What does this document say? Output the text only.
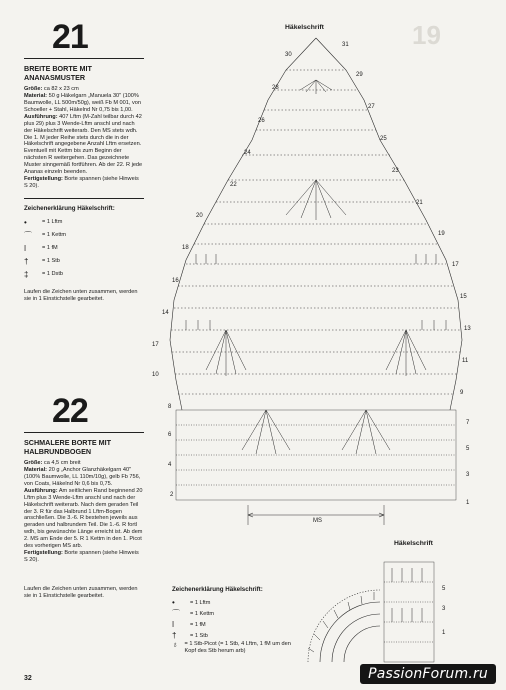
21
BREITE BORTE MIT
ANANASMUSTER
Größe: ca 82 x 23 cm
Material: 50 g Häkelgarn „Manuela 30" (100% Baumwolle, LL 500m/50g), weiß Fb M 001, von Schoeller + Stahl, Häkelnd Nr 0,75 bis 1,00.
Ausführung: 407 Lftm (M-Zahl teilbar durch 42 plus 29) plus 3 Wende-Lftm anschl und nach der Häkelschrift weiterarb. Den MS stets wdh. Die 1. M jeder Reihe stets durch die in der Häkelschrift angegebene Anzahl Lftm ersetzen. Eventuell mit Kettm bis zum Beginn der nächsten R weitergehen. Das gezeichnete Muster sinngemäß fortführen. Ab der 22. R jede Ananas einzeln beenden.
Fertigstellung: Borte spannen (siehe Hinweis S 20).
Zeichenerklärung Häkelschrift:
•	= 1 Lftm
⌒	= 1 Kettm
ǀ	= 1 fM
†	= 1 Stb
‡	= 1 Dstb
Laufen die Zeichen unten zusammen, werden sie in 1 Einstichstelle gearbeitet.
22
SCHMALERE BORTE MIT
HALBRUNDBOGEN
Größe: ca 4,5 cm breit
Material: 20 g „Anchor Glanzhäkelgarn 40" (100% Baumwolle, LL 110m/10g), gelb Fb 756, von Coats, Häkelnd Nr 0,6 bis 0,75.
Ausführung: Am seitlichen Rand beginnend 20 Lftm plus 3 Wende-Lftm anschl und nach der Häkelschrift weiterarb. Nach dem geraden Teil der 3. R für das Halbrund 1 Lftm-Bogen anschließen. Die 3.-6. R bestehen jeweils aus geraden und halbrundem Teil. Die 1.-6. R fortl wdh, bis gewünschte Länge erreicht ist. Ab dem 2. MS am Ende der 5. R 1 Kettm in den 1. Picot des vorherigen MS arb.
Fertigstellung: Borte spannen (siehe Hinweis S 20).
Laufen die Zeichen unten zusammen, werden sie in 1 Einstichstelle gearbeitet.
Häkelschrift	19
MS
30
28
26
24
22
20
18
16
14
17
10
8
6
4
2
31
29
27
25
23
21
19
17
15
13
11
9
7
5
3
1
Häkelschrift
Zeichenerklärung Häkelschrift:
•	= 1 Lftm
⌒	= 1 Kettm
ǀ	= 1 fM
†	= 1 Stb
♁	= 1 Stb-Picot (= 1 Stb, 4 Lftm, 1 fM um den Kopf des Stb herum arb)
5
3
1
32	PassionForum.ru
